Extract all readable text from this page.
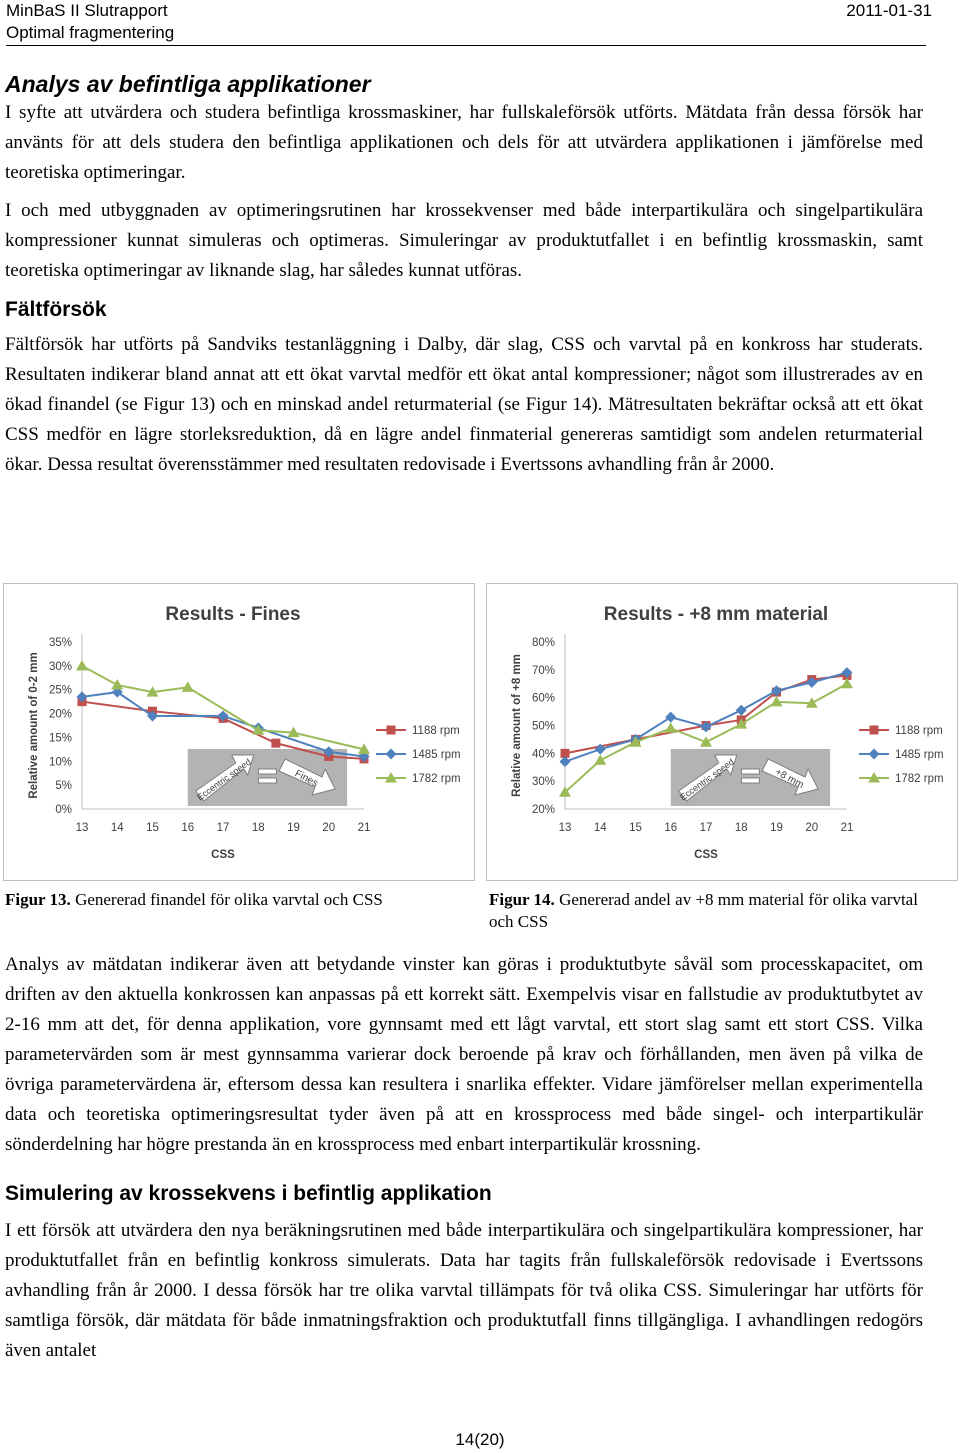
MinBaS II Slutrapport
Optimal fragmentering
2011-01-31
Analys av befintliga applikationer

I syfte att utvärdera och studera befintliga krossmaskiner, har fullskaleförsök utförts. Mätdata från dessa försök har använts för att dels studera den befintliga applikationen och dels för att utvärdera applikationen i jämförelse med teoretiska optimeringar.

I och med utbyggnaden av optimeringsrutinen har krossekvenser med både interpartikulära och singelpartikulära kompressioner kunnat simuleras och optimeras. Simuleringar av produktutfallet i en befintlig krossmaskin, samt teoretiska optimeringar av liknande slag, har således kunnat utföras.

Fältförsök

Fältförsök har utförts på Sandviks testanläggning i Dalby, där slag, CSS och varvtal på en konkross har studerats. Resultaten indikerar bland annat att ett ökat varvtal medför ett ökat antal kompressioner; något som illustrerades av en ökad finandel (se Figur 13) och en minskad andel returmaterial (se Figur 14). Mätresultaten bekräftar också att ett ökat CSS medför en lägre storleksreduktion, då en lägre andel finmaterial genereras samtidigt som andelen returmaterial ökar. Dessa resultat överensstämmer med resultaten redovisade i Evertssons avhandling från år 2000.

Results - Fines
0%
5%
10%
15%
20%
25%
30%
35%
13 14 15 16 17 18 19 20 21
CSS
Relative amount of 0-2 mm	Eccentric speed	Fines
1188 rpm
1485 rpm
1782 rpm
Results - +8 mm material
20%
30%
40%
50%
60%
70%
80%
13 14 15 16 17 18 19 20 21
CSS
Relative amount of +8 mm	Eccentric speed	+8 mm
1188 rpm
1485 rpm
1782 rpm
Figur 13. Genererad finandel för olika varvtal och CSS	Figur 14. Genererad andel av +8 mm material för olika varvtal och CSS

Analys av mätdatan indikerar även att betydande vinster kan göras i produktutbyte såväl som processkapacitet, om driften av den aktuella konkrossen kan anpassas på ett korrekt sätt. Exempelvis visar en fallstudie av produktutbytet av 2-16 mm att det, för denna applikation, vore gynnsamt med ett lågt varvtal, ett stort slag samt ett stort CSS. Vilka parametervärden som är mest gynnsamma varierar dock beroende på krav och förhållanden, men även på vilka de övriga parametervärdena är, eftersom dessa kan resultera i snarlika effekter. Vidare jämförelser mellan experimentella data och teoretiska optimeringsresultat tyder även på att en krossprocess med både singel- och interpartikulär sönderdelning har högre prestanda än en krossprocess med enbart interpartikulär krossning.

Simulering av krossekvens i befintlig applikation

I ett försök att utvärdera den nya beräkningsrutinen med både interpartikulära och singelpartikulära kompressioner, har produktutfallet från en befintlig konkross simulerats. Data har tagits från fullskaleförsök redovisade i Evertssons avhandling från år 2000. I dessa försök har tre olika varvtal tillämpats för två olika CSS. Simuleringar har utförts för samtliga försök, där mätdata för både inmatningsfraktion och produktutfall finns tillgängliga. I avhandlingen redogörs även antalet

14(20)
